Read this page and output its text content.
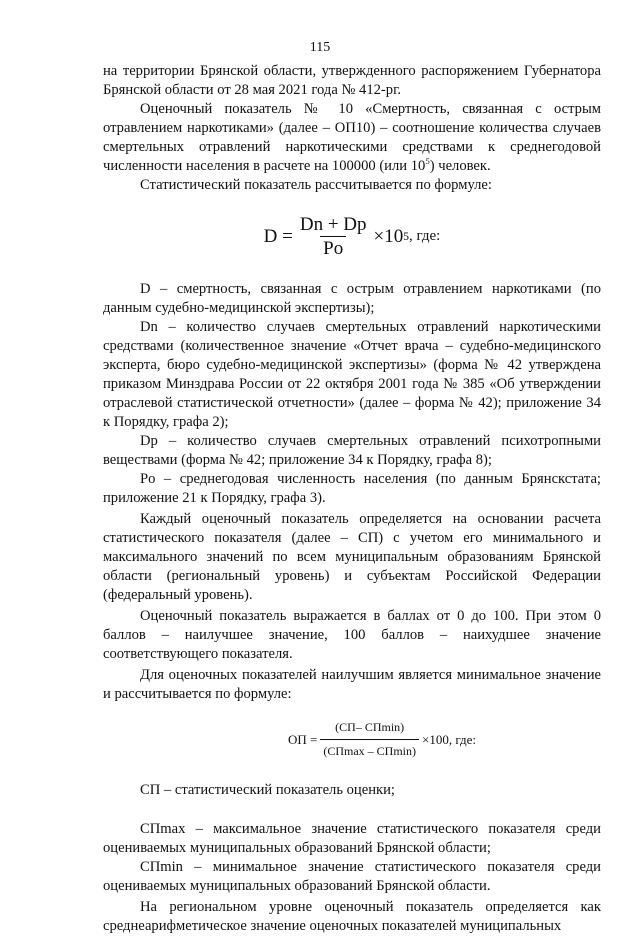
115

на территории Брянской области, утвержденного распоряжением Губернатора Брянской области от 28 мая 2021 года № 412-рг.

Оценочный показатель № 10 «Смертность, связанная с острым отравлением наркотиками» (далее – ОП10) – соотношение количества случаев смертельных отравлений наркотическими средствами к среднегодовой численности населения в расчете на 100000 (или $10^5$) человек.

Статистический показатель рассчитывается по формуле:

$D = \frac{Dn + Dp}{Po} \times 10$ 5 , где:

D – смертность, связанная с острым отравлением наркотиками (по данным судебно-медицинской экспертизы);

Dn – количество случаев смертельных отравлений наркотическими средствами (количественное значение «Отчет врача – судебно-медицинского эксперта, бюро судебно-медицинской экспертизы» (форма № 42 утверждена приказом Минздрава России от 22 октября 2001 года № 385 «Об утверждении отраслевой статистической отчетности» (далее – форма № 42); приложение 34 к Порядку, графа 2);

Dp – количество случаев смертельных отравлений психотропными веществами (форма № 42; приложение 34 к Порядку, графа 8);

Po – среднегодовая численность населения (по данным Брянскстата; приложение 21 к Порядку, графа 3).

Каждый оценочный показатель определяется на основании расчета статистического показателя (далее – СП) с учетом его минимального и максимального значений по всем муниципальным образованиям Брянской области (региональный уровень) и субъектам Российской Федерации (федеральный уровень).

Оценочный показатель выражается в баллах от 0 до 100. При этом 0 баллов – наилучшее значение, 100 баллов – наихудшее значение соответствующего показателя.

Для оценочных показателей наилучшим является минимальное значение и рассчитывается по формуле:

ОП = $\frac{(СП- СП\min)}{(СП\max - СП\min)} \times 100$ , где:

СП – статистический показатель оценки;

СПmax – максимальное значение статистического показателя среди оцениваемых муниципальных образований Брянской области;

СПmin – минимальное значение статистического показателя среди оцениваемых муниципальных образований Брянской области.

На региональном уровне оценочный показатель определяется как среднеарифметическое значение оценочных показателей муниципальных
